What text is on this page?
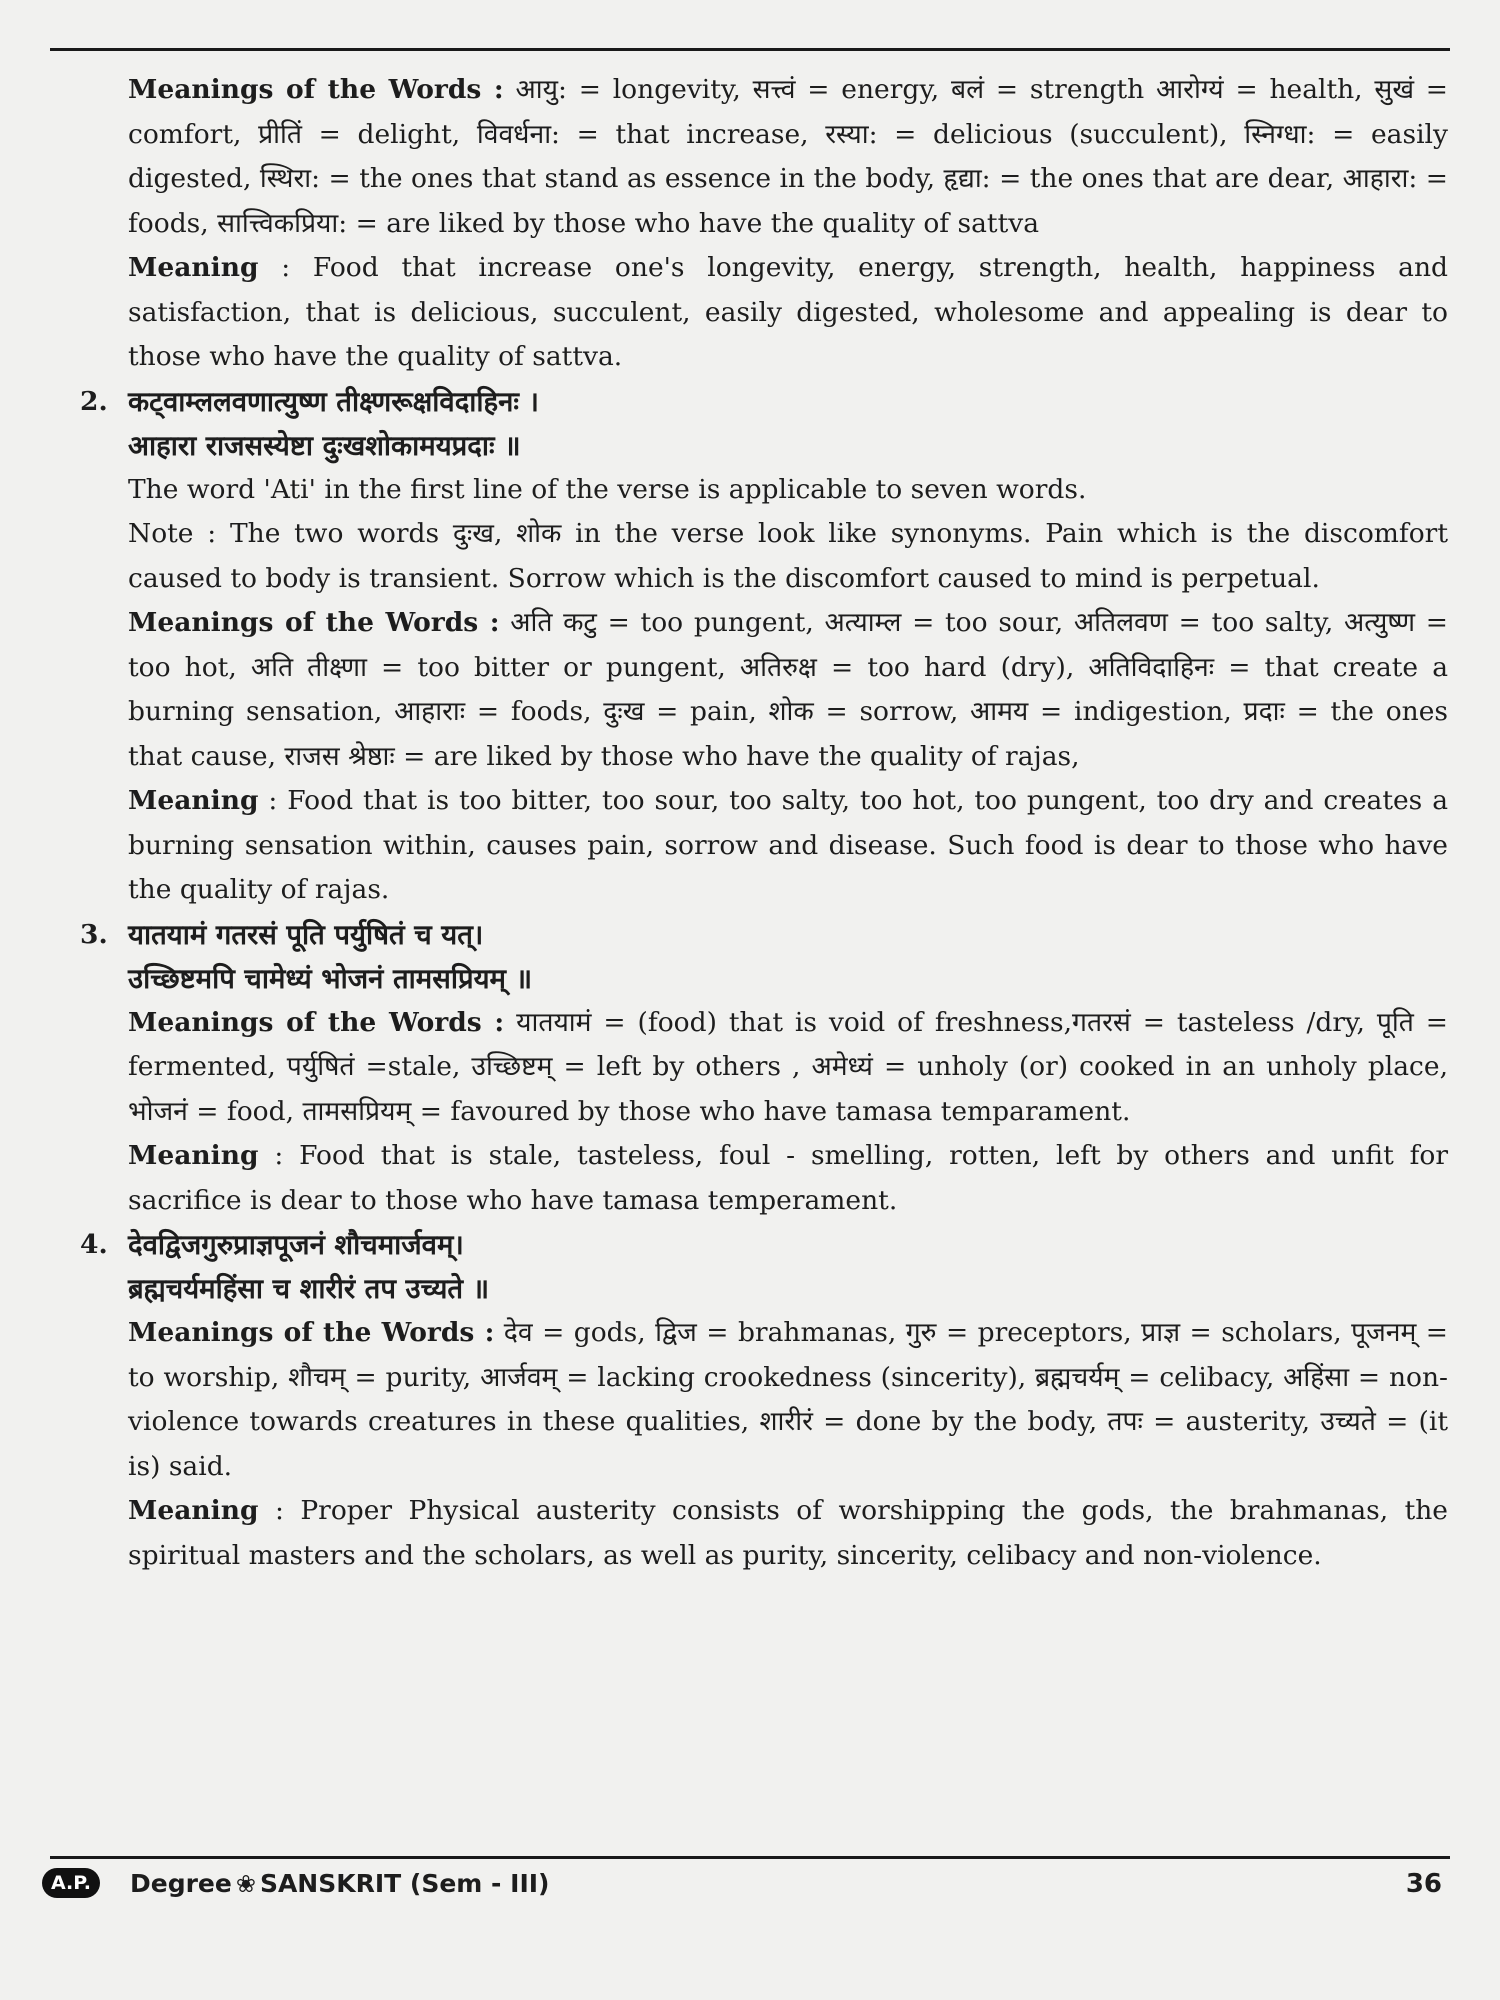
Meanings of the Words : आयु: = longevity, सत्त्वं = energy, बलं = strength आरोग्यं = health, सुखं = comfort, प्रीतिं = delight, विवर्धना: = that increase, रस्या: = delicious (succulent), स्निग्धा: = easily digested, स्थिरा: = the ones that stand as essence in the body, हृद्या: = the ones that are dear, आहारा: = foods, सात्त्विकप्रिया: = are liked by those who have the quality of sattva

Meaning : Food that increase one's longevity, energy, strength, health, happiness and satisfaction, that is delicious, succulent, easily digested, wholesome and appealing is dear to those who have the quality of sattva.

2. कट्वाम्ललवणात्युष्ण तीक्ष्णरूक्षविदाहिनः ।
आहारा राजसस्येष्टा दुःखशोकामयप्रदाः ॥

The word 'Ati' in the first line of the verse is applicable to seven words.

Note : The two words दुःख, शोक in the verse look like synonyms. Pain which is the discomfort caused to body is transient. Sorrow which is the discomfort caused to mind is perpetual.

Meanings of the Words : अति कटु = too pungent, अत्याम्ल = too sour, अतिलवण = too salty, अत्युष्ण = too hot, अति तीक्ष्णा = too bitter or pungent, अतिरुक्ष = too hard (dry), अतिविदाहिनः = that create a burning sensation, आहाराः = foods, दुःख = pain, शोक = sorrow, आमय = indigestion, प्रदाः = the ones that cause, राजस श्रेष्ठाः = are liked by those who have the quality of rajas,

Meaning : Food that is too bitter, too sour, too salty, too hot, too pungent, too dry and creates a burning sensation within, causes pain, sorrow and disease. Such food is dear to those who have the quality of rajas.

3. यातयामं गतरसं पूति पर्युषितं च यत्।
उच्छिष्टमपि चामेध्यं भोजनं तामसप्रियम् ॥

Meanings of the Words : यातयामं = (food) that is void of freshness,गतरसं = tasteless /dry, पूति = fermented, पर्युषितं =stale, उच्छिष्टम् = left by others , अमेध्यं = unholy (or) cooked in an unholy place, भोजनं = food, तामसप्रियम् = favoured by those who have tamasa temparament.

Meaning : Food that is stale, tasteless, foul - smelling, rotten, left by others and unfit for sacrifice is dear to those who have tamasa temperament.

4. देवद्विजगुरुप्राज्ञपूजनं शौचमार्जवम्।
ब्रह्मचर्यमहिंसा च शारीरं तप उच्यते ॥

Meanings of the Words : देव = gods, द्विज = brahmanas, गुरु = preceptors, प्राज्ञ = scholars, पूजनम् = to worship, शौचम् = purity, आर्जवम् = lacking crookedness (sincerity), ब्रह्मचर्यम् = celibacy, अहिंसा = non-violence towards creatures in these qualities, शारीरं = done by the body, तपः = austerity, उच्यते = (it is) said.

Meaning : Proper Physical austerity consists of worshipping the gods, the brahmanas, the spiritual masters and the scholars, as well as purity, sincerity, celibacy and non-violence.

A.P.	Degree ❀ SANSKRIT (Sem - III)	36
